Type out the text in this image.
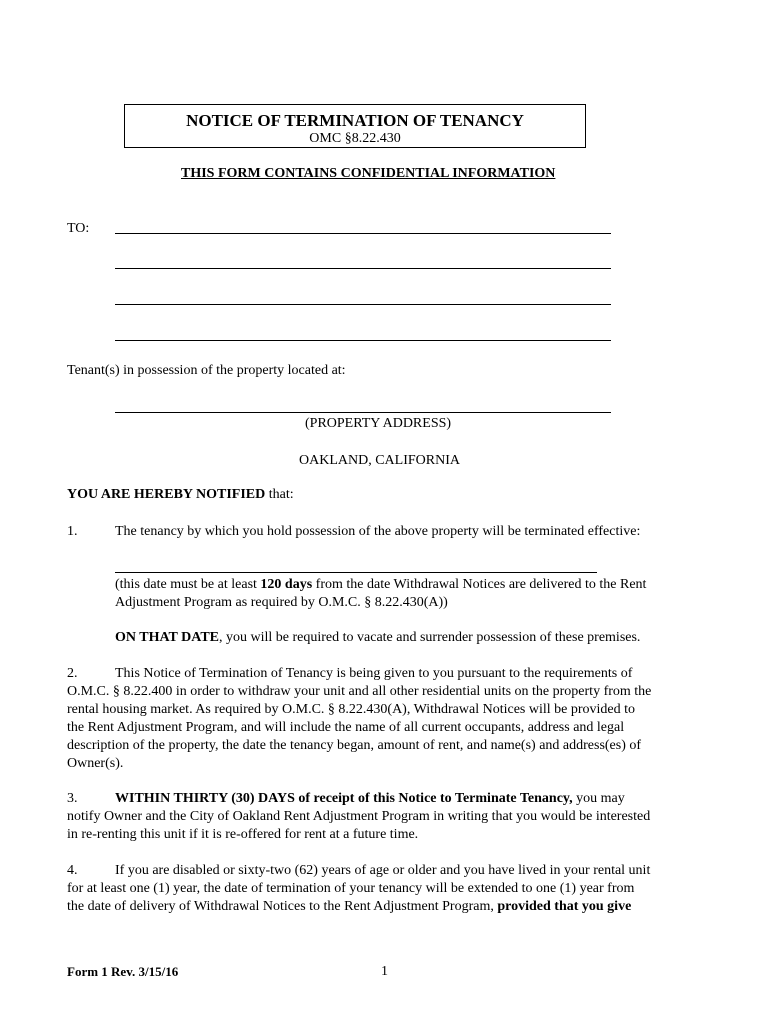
NOTICE OF TERMINATION OF TENANCY
OMC §8.22.430
THIS FORM CONTAINS CONFIDENTIAL INFORMATION
TO:
Tenant(s) in possession of the property located at:
(PROPERTY ADDRESS)
OAKLAND, CALIFORNIA
YOU ARE HEREBY NOTIFIED that:
1.	The tenancy by which you hold possession of the above property will be terminated effective:
(this date must be at least 120 days from the date Withdrawal Notices are delivered to the Rent
Adjustment Program as required by O.M.C. § 8.22.430(A))
ON THAT DATE, you will be required to vacate and surrender possession of these premises.
2.	This Notice of Termination of Tenancy is being given to you pursuant to the requirements of
O.M.C. § 8.22.400 in order to withdraw your unit and all other residential units on the property from the
rental housing market. As required by O.M.C. § 8.22.430(A), Withdrawal Notices will be provided to
the Rent Adjustment Program, and will include the name of all current occupants, address and legal
description of the property, the date the tenancy began, amount of rent, and name(s) and address(es) of
Owner(s).
3.	WITHIN THIRTY (30) DAYS of receipt of this Notice to Terminate Tenancy, you may
notify Owner and the City of Oakland Rent Adjustment Program in writing that you would be interested
in re-renting this unit if it is re-offered for rent at a future time.
4.	If you are disabled or sixty-two (62) years of age or older and you have lived in your rental unit
for at least one (1) year, the date of termination of your tenancy will be extended to one (1) year from
the date of delivery of Withdrawal Notices to the Rent Adjustment Program, provided that you give
Form 1 Rev. 3/15/16	1
